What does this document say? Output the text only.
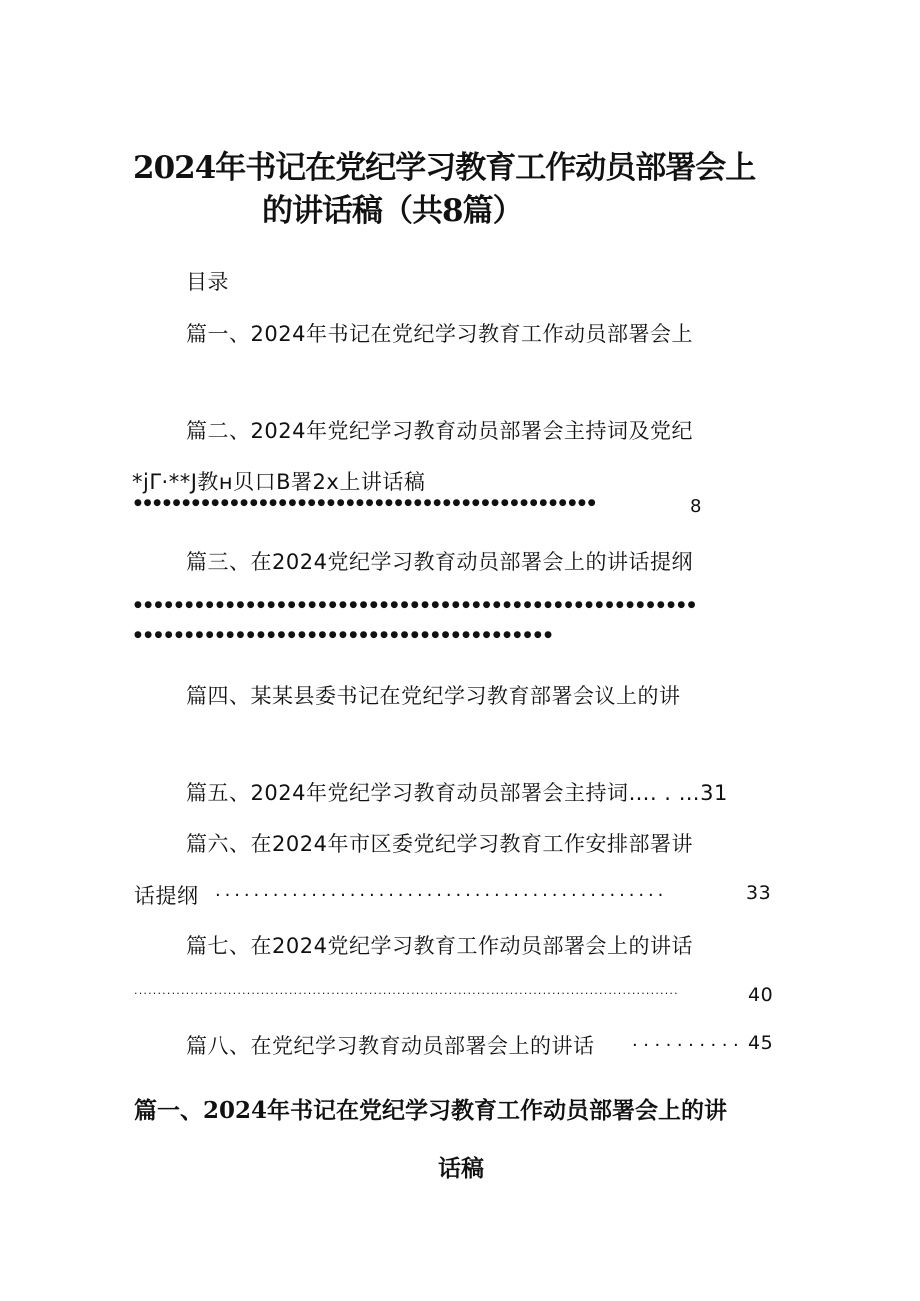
2024年书记在党纪学习教育工作动员部署会上
的讲话稿（共8篇）
目录
篇一、2024年书记在党纪学习教育工作动员部署会上
篇二、2024年党纪学习教育动员部署会主持词及党纪
*jΓ·**J教н贝口B署2x上讲话稿
●●●●●●●●●●●●●●●●●●●●●●●●●●●●●●●●●●●●●●●●●●●●●●●●	8
篇三、在2024党纪学习教育动员部署会上的讲话提纲
●●●●●●●●●●●●●●●●●●●●●●●●●●●●●●●●●●●●●●●●●●●●●●●●●●●●●●●
●●●●●●●●●●●●●●●●●●●●●●●●●●●●●●●●●●●●●●●●●
篇四、某某县委书记在党纪学习教育部署会议上的讲
篇五、2024年党纪学习教育动员部署会主持词…. . …31
篇六、在2024年市区委党纪学习教育工作安排部署讲
话提纲 ...............................................	33
篇七、在2024党纪学习教育工作动员部署会上的讲话
....................................................................................................................	40
篇八、在党纪学习教育动员部署会上的讲话 .......... 45
篇一、2024年书记在党纪学习教育工作动员部署会上的讲
话稿
